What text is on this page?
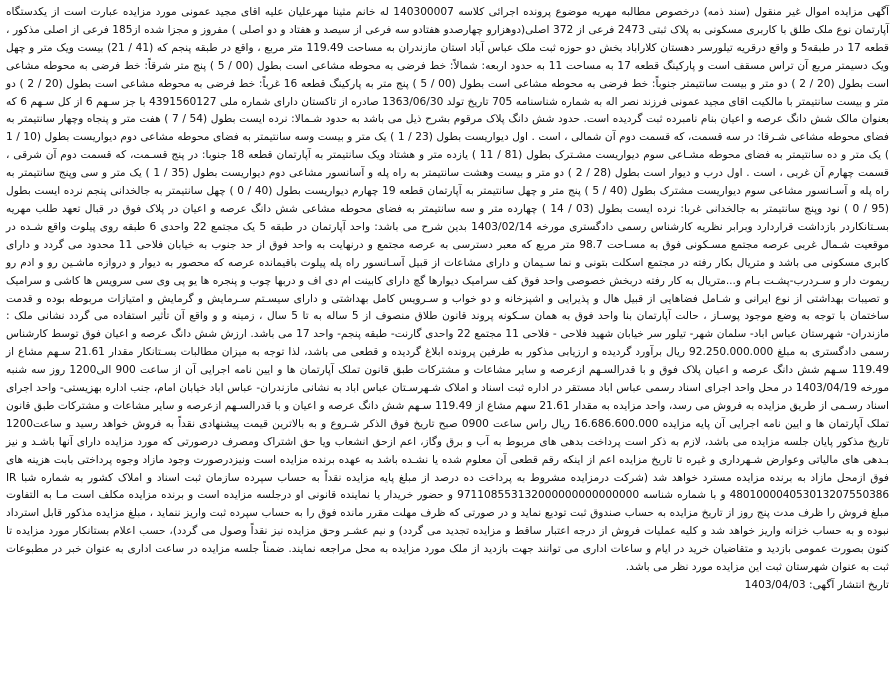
آگهی مزایده اموال غیر منقول (سند ذمه) درخصوص مطالبه مهریه موضوع پرونده اجرائی کلاسه 140300007 له خانم مثینا مهرعلیان علیه اقای مجید عمونی مورد مزایده عبارت است از یکدستگاه آپارتمان نوع ملک طلق با کاربری مسکونی به پلاک ثبتی 2473 فرعی از 372 اصلی(دوهزارو چهارصدو هفتادو سه فرعی از سیصد و هفتاد و دو اصلی ) مفروز و مجزا شده از185 فرعی از اصلی مذکور ، قطعه 17 در طبقه5 و واقع درقریه تیلورسر دهستان کلاراباد بخش دو حوزه ثبت ملک عباس آباد استان مازندران به مساحت 119.49 متر مربع ، واقع در طبقه پنجم که (41 / 21) بیست ویک متر و چهل ویک دسیمتر مربع آن تراس مسقف است و پارکینگ قطعه 17 به مساحت 11 به حدود اربعه: شمالاً: خط فرضی به محوطه مشاعی است بطول (00 / 5 ) پنج متر شرقاً: خط فرضی به محوطه مشاعی است بطول (20 / 2 ) دو متر و بیست سانتیمتر جنوباً: خط فرضی به محوطه مشاعی است بطول (00 / 5 ) پنج متر به پارکینگ قطعه 16 غرباً: خط فرضی به محوطه مشاعی است بطول (20 / 2 ) دو متر و بیست سانتیمتر با مالکیت اقای مجید عمونی فرزند نصر اله به شماره شناسنامه 705 تاریخ تولد 1363/06/30 صادره از تاکستان دارای شماره ملی 4391560127 با جز سـهم 6 از کل سـهم 6 که بعنوان مالک شش دانگ عرصه و اعیان بنام نامبرده ثبت گردیده است. حدود شش دانگ پلاک مرقوم بشرح ذیل می باشد به حدود شـمالا: نرده ایست بطول (54 / 7 ) هفت متر و پنجاه وچهار سانتیمتر به فضای محوطه مشاعی شـرقا: در سه قسمت، که قسمت دوم آن شمالی ، است . اول دیواریست بطول (23 / 1 ) یک متر و بیست وسه سانتیمتر به فضای محوطه مشاعی دوم دیواریست بطول (10 / 1 ) یک متر و ده سانتیمتر به فضای محوطه مشـاعی سوم دیواریست مشـترک بطول (81 / 11 ) یازده متر و هشتاد ویک سانتیمتر به آپارتمان قطعه 18 جنوبا: در پنج قسـمت، که قسمت دوم آن شرقی ، قسمت چهارم آن غربی ، است . اول درب و دیوار است بطول (28 / 2 ) دو متر و بیست وهشت سانتیمتر به راه پله و آسانسور مشاعی دوم دیواریست بطول (35 / 1 ) یک متر و سی وپنج سانتیمتر به راه پله و آسـانسور مشاعی سوم دیواریست مشترک بطول (40 / 5 ) پنج متر و چهل سانتیمتر به آپارتمان قطعه 19 چهارم دیواریست بطول (40 / 0 ) چهل سانتیمتر به جالخدانی پنجم نرده ایست بطول (95 / 0 ) نود وپنج سانتیمتر به جالخدانی غربا: نرده ایست بطول (03 / 14 ) چهارده متر و سه سانتیمتر به فضای محوطه مشاعی شش دانگ عرصه و اعیان در پلاک فوق در قبال تعهد طلب مهریه بسـتانکاردر بازداشت قراردارد وبرابر نظریه کارشناس رسمی دادگستری مورخه 1403/02/14 بدین شرح می باشد: واحد آپارتمان در طبقه 5 یک مجتمع 22 واحدی 6 طبقه روی پیلوت واقع شـده در موقعیت شـمال غربی عرصه مجتمع مسـکونی فوق به مسـاحت 98.7 متر مربع که معبر دسترسی به عرصه مجتمع و درنهایت به واحد فوق از حد جنوب به خیابان فلاحی 11 محدود می گردد و دارای کابری مسکونی می باشد و متریال بکار رفته در مجتمع اسکلت بتونی و نما سـیمان و دارای مشاعات از قبیل آسـانسور راه پله پیلوت باقیمانده عرصه که محصور به دیوار و دروازه ماشـین رو و ادم رو ریموت دار و سـردرب-پشـت بـام و...متریال به کار رفته دربخش خصوصی واحد فوق کف سرامیک دیوارها گچ دارای کابینت ام دی اف و دربها چوب و پنجره ها یو پی وی سی سرویس ها کاشی و سرامیک و تصیبات بهداشتی از نوع ایرانی و شـامل فضاهایی از قبیل هال و پذیرایی و اشپزخانه و دو خواب و سـرویس کامل بهداشتی و دارای سیسـتم سـرمایش و گرمایش و امتیازات مربوطه بوده و قدمت ساختمان با توجه به وضع موجود پوسـاز ، حالت آپارتمان بنا واحد فوق به همان سـکونه پروند قانون طلاق منصوف از 5 ساله به تا 5 سال ، زمینه و و واقع آن تأثیر استفاده می گردد نشانی ملک : مازندران- شهرستان عباس اباد- سلمان شهر- تیلور سر خیابان شهید فلاحی - فلاحی 11 مجتمع 22 واحدی گارنت- طبقه پنجم- واحد 17 می باشد. ارزش شش دانگ عرصه و اعیان فوق توسط کارشناس رسمی دادگستری به مبلغ 92.250.000.000 ریال برآورد گردیده و ارزیابی مذکور به طرفین پرونده ابلاغ گردیده و قطعی می باشد، لذا توجه به میزان مطالبات بسـتانکار مقدار 21.61 سـهم مشاع از 119.49 سـهم شش دانگ عرصه و اعیان پلاک فوق و با قدرالسـهم ازعرصه و سایر مشاعات و مشترکات طبق قانون تملک آپارتمان ها و ایین نامه اجرایی آن از ساعت 900 الی1200 روز سه شنبه مورخه 1403/04/19 در محل واحد اجرای اسناد رسمی عباس اباد مستقر در اداره ثبت اسناد و املاک شـهرسـتان عباس اباد به نشانی مازندران- عباس اباد خیابان امام، جنب اداره بهزیستی- واحد اجرای اسناد رسـمی از طریق مزایده به فروش می رسد، واحد مزایده به مقدار 21.61 سهم مشاع از 119.49 سـهم شش دانگ عرصه و اعیان و با قدرالسـهم ازعرصه و سایر مشاعات و مشترکات طبق قانون تملک آپارتمان ها و ایین نامه اجرایی آن پایه مزایده 16.686.600.000 ریال راس ساعت 0900 صبح تاریخ فوق الذکر شـروع و به بالاترین قیمت پیشنهادی نقداً به فروش خواهد رسید و ساعت1200 تاریخ مذکور پایان جلسه مزایده می باشد، لازم به ذکر است پرداخت بدهی های مربوط به آب و برق وگاز، اعم ازحق انشعاب ویا حق اشتراک ومصرف درصورتی که مورد مزایده دارای آنها باشـد و نیز بـدهی های مالیاتی وعوارض شـهرداری و غیره تا تاریخ مزایده اعم از اینکه رقم قطعی آن معلوم شده یا نشـده باشد به عهده برنده مزایده است ونیزدرصورت وجود مازاد وجوه پرداختی بابت هزینه های فوق ازمحل مازاد به برنده مزایده مسترد خواهد شد (شرکت درمزایده مشروط به پرداخت ده درصد از مبلغ پایه مزایده نقداً به حساب سپرده سازمان ثبت اسناد و املاک کشور به شماره شبا IR 480100004053013207550386 و با شماره شناسه 971108553132000000000000000 و حضور خریدار یا نماینده قانونی او درجلسه مزایده است و برنده مزایده مکلف است مـا به التفاوت مبلغ فروش را ظرف مدت پنج روز از تاریخ مزایده به حساب صندوق ثبت تودیع نماید و در صورتی که ظرف مهلت مقرر مانده فوق را به حساب سپرده ثبت واریز ننماید ، مبلغ مزایده مذکور قابل استرداد نبوده و به حساب خزانه واریز خواهد شد و کلیه عملیات فروش از درجه اعتبار ساقط و مزایده تجدید می گردد) و نیم عشـر وحق مزایده نیز نقداً وصول می گردد)، حسب اعلام بستانکار مورد مزایده تا کنون بصورت عمومی بازدید و متقاضیان خرید در ایام و ساعات اداری می توانند جهت بازدید از ملک مورد مزایده به محل مراجعه نمایند. ضمناً جلسه مزایده در ساعت اداری به عنوان خبر در مطبوعات ثبت به عنوان شهرستان ثبت این مزایده مورد نظر می باشد.

تاریخ انتشار آگهی: 1403/04/03
